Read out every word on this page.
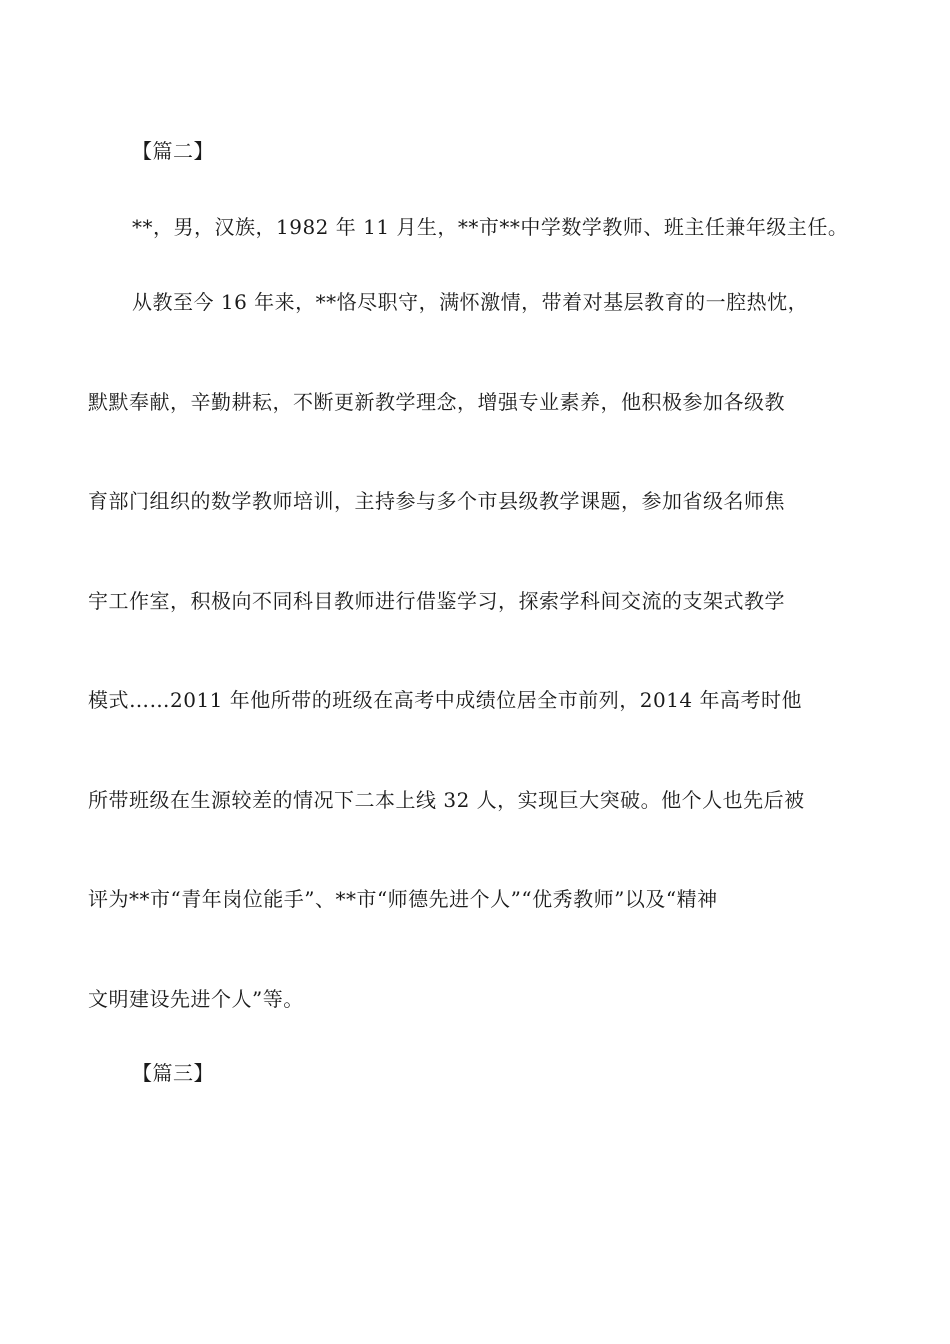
【篇二】
**，男，汉族，1982 年 11 月生，**市**中学数学教师、班主任兼年级主任。
从教至今 16 年来，**恪尽职守，满怀激情，带着对基层教育的一腔热忱，
默默奉献，辛勤耕耘，不断更新教学理念，增强专业素养，他积极参加各级教
育部门组织的数学教师培训，主持参与多个市县级教学课题，参加省级名师焦
宇工作室，积极向不同科目教师进行借鉴学习，探索学科间交流的支架式教学
模式……2011 年他所带的班级在高考中成绩位居全市前列，2014 年高考时他
所带班级在生源较差的情况下二本上线 32 人，实现巨大突破。他个人也先后被
评为**市“青年岗位能手”、**市“师德先进个人”“优秀教师”以及“精神
文明建设先进个人”等。
【篇三】
